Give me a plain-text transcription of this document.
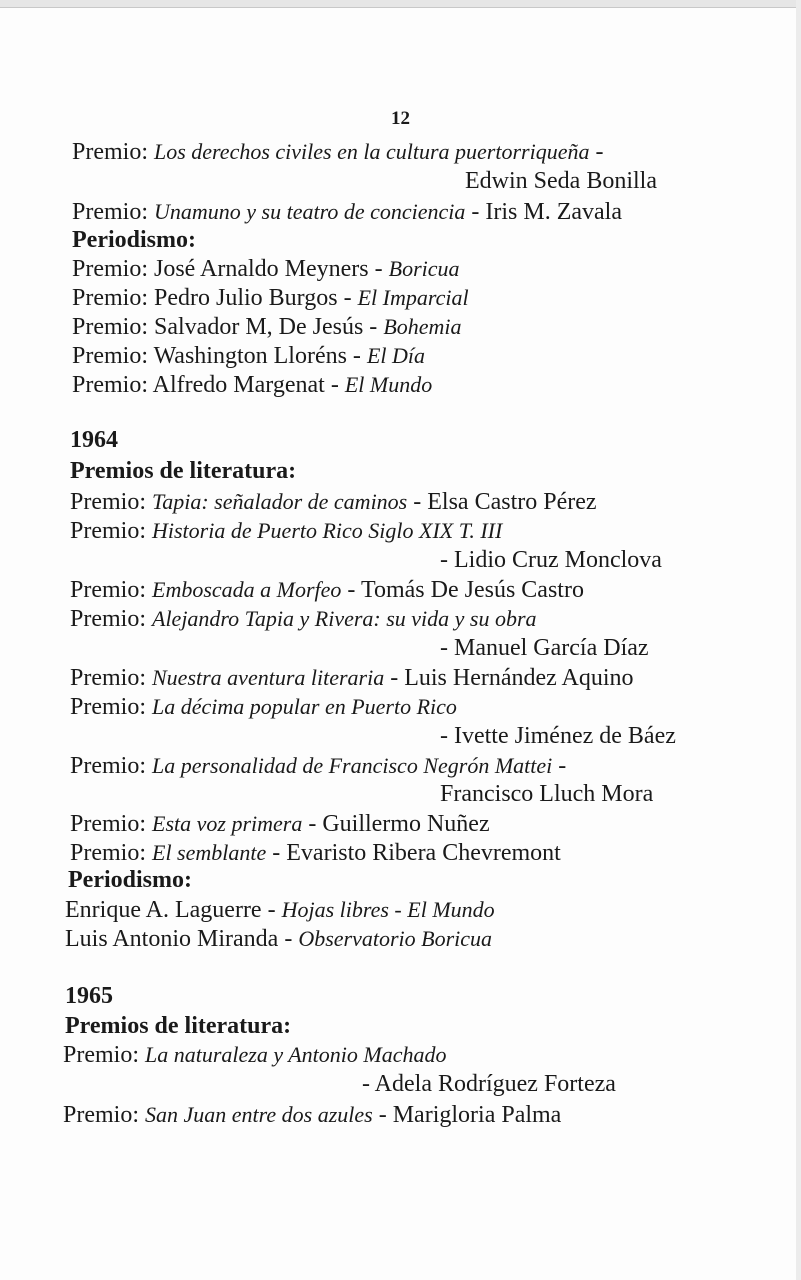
12
Premio: Los derechos civiles en la cultura puertorriqueña -
Edwin Seda Bonilla
Premio: Unamuno y su teatro de conciencia - Iris M. Zavala
Periodismo:
Premio: José Arnaldo Meyners - Boricua
Premio: Pedro Julio Burgos - El Imparcial
Premio: Salvador M, De Jesús - Bohemia
Premio: Washington Lloréns - El Día
Premio: Alfredo Margenat - El Mundo
1964
Premios de literatura:
Premio: Tapia: señalador de caminos - Elsa Castro Pérez
Premio: Historia de Puerto Rico Siglo XIX T. III
- Lidio Cruz Monclova
Premio: Emboscada a Morfeo - Tomás De Jesús Castro
Premio: Alejandro Tapia y Rivera: su vida y su obra
- Manuel García Díaz
Premio: Nuestra aventura literaria - Luis Hernández Aquino
Premio: La décima popular en Puerto Rico
- Ivette Jiménez de Báez
Premio: La personalidad de Francisco Negrón Mattei -
Francisco Lluch Mora
Premio: Esta voz primera - Guillermo Nuñez
Premio: El semblante - Evaristo Ribera Chevremont
Periodismo:
Enrique A. Laguerre - Hojas libres - El Mundo
Luis Antonio Miranda - Observatorio Boricua
1965
Premios de literatura:
Premio: La naturaleza y Antonio Machado
- Adela Rodríguez Forteza
Premio: San Juan entre dos azules - Marigloria Palma
